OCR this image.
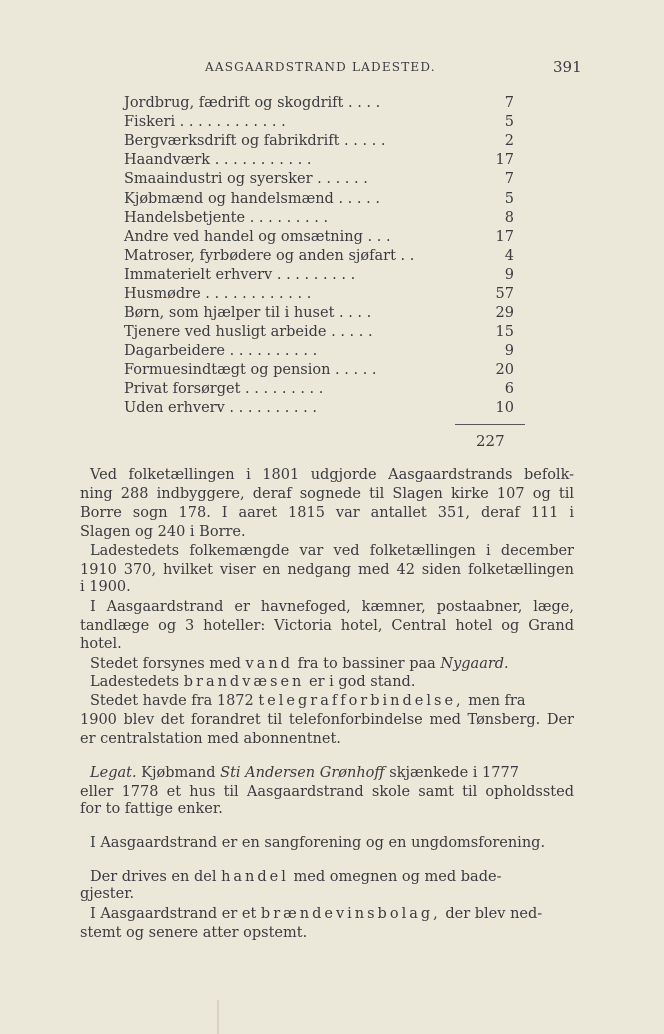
AASGAARDSTRAND LADESTED.	391
Jordbrug, fædrift og skogdrift . . . .	7
Fiskeri . . . . . . . . . . . .	5
Bergværksdrift og fabrikdrift . . . . .	2
Haandværk . . . . . . . . . . .	17
Smaaindustri og syersker . . . . . .	7
Kjøbmænd og handelsmænd . . . . .	5
Handelsbetjente . . . . . . . . .	8
Andre ved handel og omsætning . . .	17
Matroser, fyrbødere og anden sjøfart . .	4
Immaterielt erhverv . . . . . . . . .	9
Husmødre . . . . . . . . . . . .	57
Børn, som hjælper til i huset . . . .	29
Tjenere ved husligt arbeide . . . . .	15
Dagarbeidere . . . . . . . . . .	9
Formuesindtægt og pension . . . . .	20
Privat forsørget . . . . . . . . .	6
Uden erhverv . . . . . . . . . .	10
227
Ved folketællingen i 1801 udgjorde Aasgaardstrands befolk-
ning 288 indbyggere, deraf sognede til Slagen kirke 107 og til
Borre sogn 178. I aaret 1815 var antallet 351, deraf 111 i
Slagen og 240 i Borre.
Ladestedets folkemængde var ved folketællingen i december
1910 370, hvilket viser en nedgang med 42 siden folketællingen
i 1900.
I Aasgaardstrand er havnefoged, kæmner, postaabner, læge,
tandlæge og 3 hoteller: Victoria hotel, Central hotel og Grand
hotel.
Stedet forsynes med vand fra to bassiner paa Nygaard.
Ladestedets brandvæsen er i god stand.
Stedet havde fra 1872 telegrafforbindelse, men fra
1900 blev det forandret til telefonforbindelse med Tønsberg. Der
er centralstation med abonnentnet.
Legat. Kjøbmand Sti Andersen Grønhoff skjænkede i 1777
eller 1778 et hus til Aasgaardstrand skole samt til opholdssted
for to fattige enker.
I Aasgaardstrand er en sangforening og en ungdomsforening.
Der drives en del handel med omegnen og med bade-
gjester.
I Aasgaardstrand er et brændevinsbolag, der blev ned-
stemt og senere atter opstemt.
